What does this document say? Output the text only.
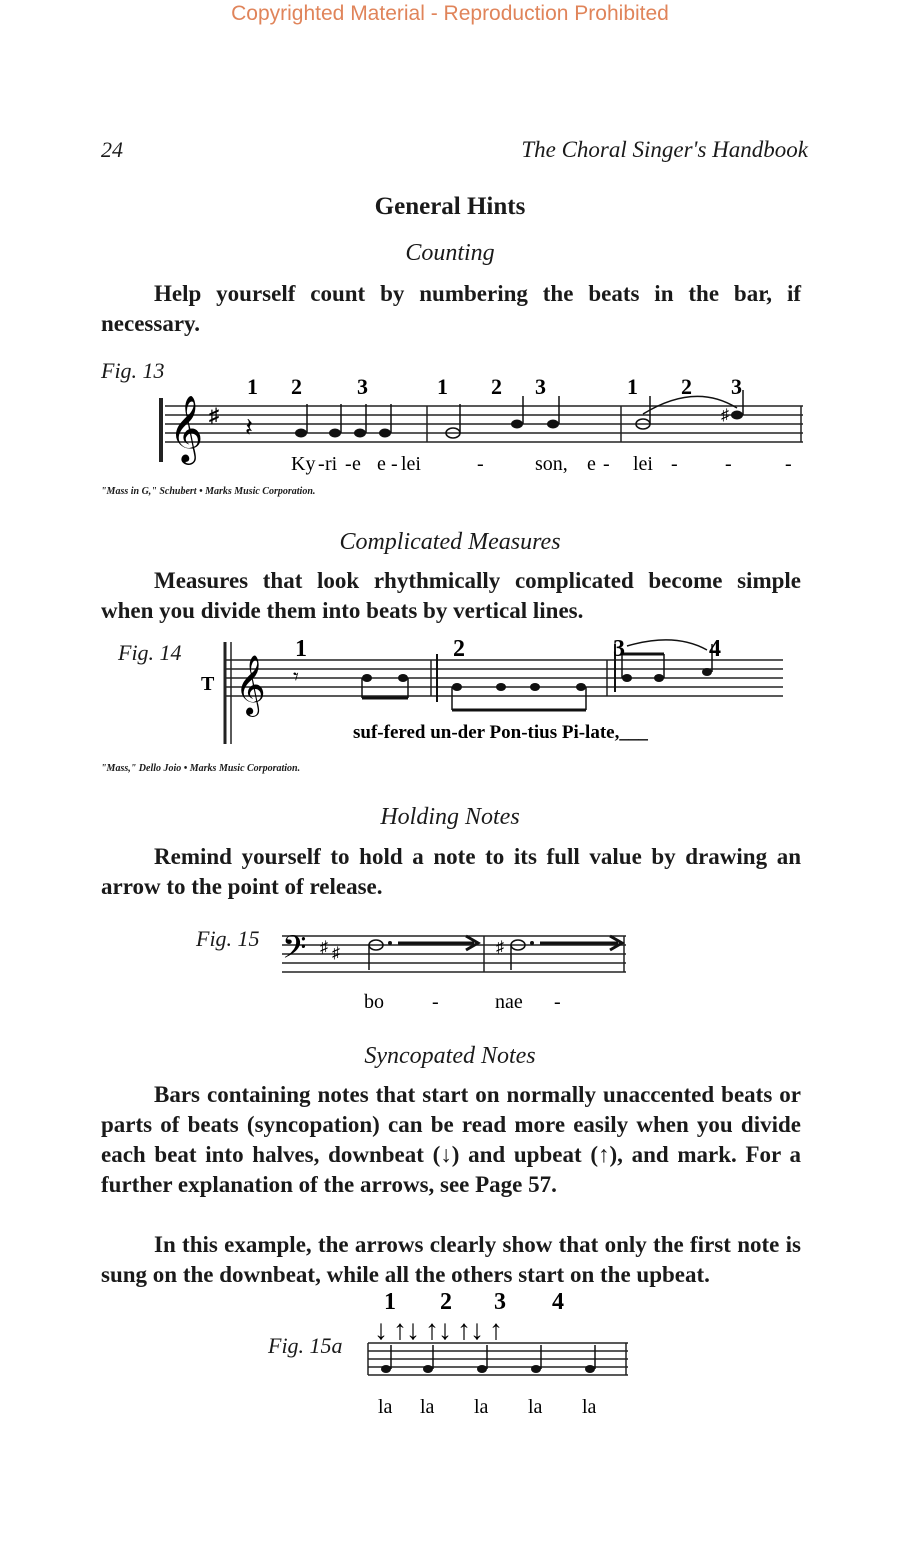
Copyrighted Material - Reproduction Prohibited
24	The Choral Singer's Handbook
General Hints
Counting

Help yourself count by numbering the beats in the bar, if necessary.

Fig. 13
𝄞 ♯ 𝄽	♯
1 2	3	1 2 3	1 2 3
Ky - ri - e e - lei	-	son, e - lei - -	-
"Mass in G," Schubert • Marks Music Corporation.
Complicated Measures

Measures that look rhythmically complicated become simple when you divide them into beats by vertical lines.

Fig. 14
T 𝄞 𝄾
1	2	3	4
suf-fered un-der Pon-tius Pi-late,___
"Mass," Dello Joio • Marks Music Corporation.
Holding Notes

Remind yourself to hold a note to its full value by drawing an arrow to the point of release.

Fig. 15 𝄢 ♯ ♯	♯
bo -	nae -
Syncopated Notes

Bars containing notes that start on normally unaccented beats or parts of beats (syncopation) can be read more easily when you divide each beat into halves, downbeat (↓) and upbeat (↑), and mark. For a further explanation of the arrows, see Page 57.

In this example, the arrows clearly show that only the first note is sung on the downbeat, while all the others start on the upbeat.

Fig. 15a
1 2 3 4
↓ ↑↓ ↑↓ ↑↓ ↑
la la la la la
